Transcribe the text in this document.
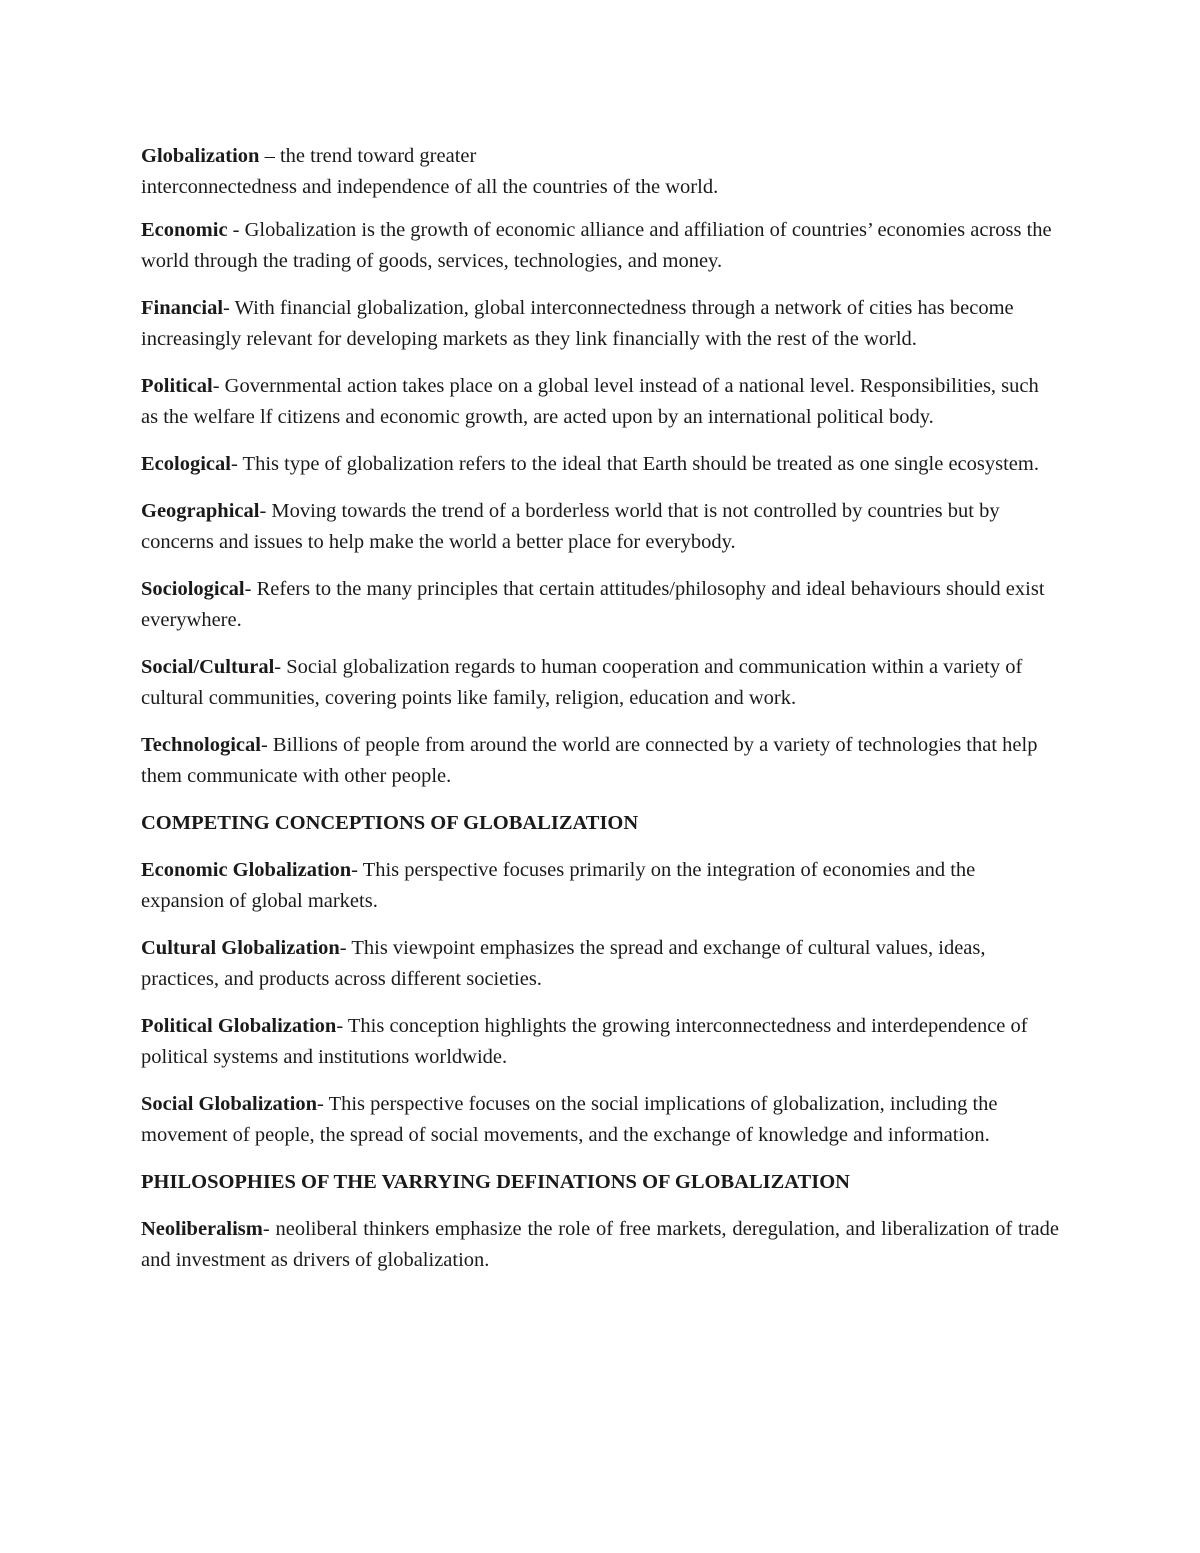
Globalization – the trend toward greater
interconnectedness and independence of all the countries of the world.

Economic - Globalization is the growth of economic alliance and affiliation of countries’ economies across the world through the trading of goods, services, technologies, and money.

Financial- With financial globalization, global interconnectedness through a network of cities has become increasingly relevant for developing markets as they link financially with the rest of the world.

Political- Governmental action takes place on a global level instead of a national level. Responsibilities, such as the welfare lf citizens and economic growth, are acted upon by an international political body.

Ecological- This type of globalization refers to the ideal that Earth should be treated as one single ecosystem.

Geographical- Moving towards the trend of a borderless world that is not controlled by countries but by concerns and issues to help make the world a better place for everybody.

Sociological- Refers to the many principles that certain attitudes/philosophy and ideal behaviours should exist everywhere.

Social/Cultural- Social globalization regards to human cooperation and communication within a variety of cultural communities, covering points like family, religion, education and work.

Technological- Billions of people from around the world are connected by a variety of technologies that help them communicate with other people.

COMPETING CONCEPTIONS OF GLOBALIZATION

Economic Globalization- This perspective focuses primarily on the integration of economies and the expansion of global markets.

Cultural Globalization- This viewpoint emphasizes the spread and exchange of cultural values, ideas, practices, and products across different societies.

Political Globalization- This conception highlights the growing interconnectedness and interdependence of political systems and institutions worldwide.

Social Globalization- This perspective focuses on the social implications of globalization, including the movement of people, the spread of social movements, and the exchange of knowledge and information.

PHILOSOPHIES OF THE VARRYING DEFINATIONS OF GLOBALIZATION

Neoliberalism- neoliberal thinkers emphasize the role of free markets, deregulation, and liberalization of trade and investment as drivers of globalization.
